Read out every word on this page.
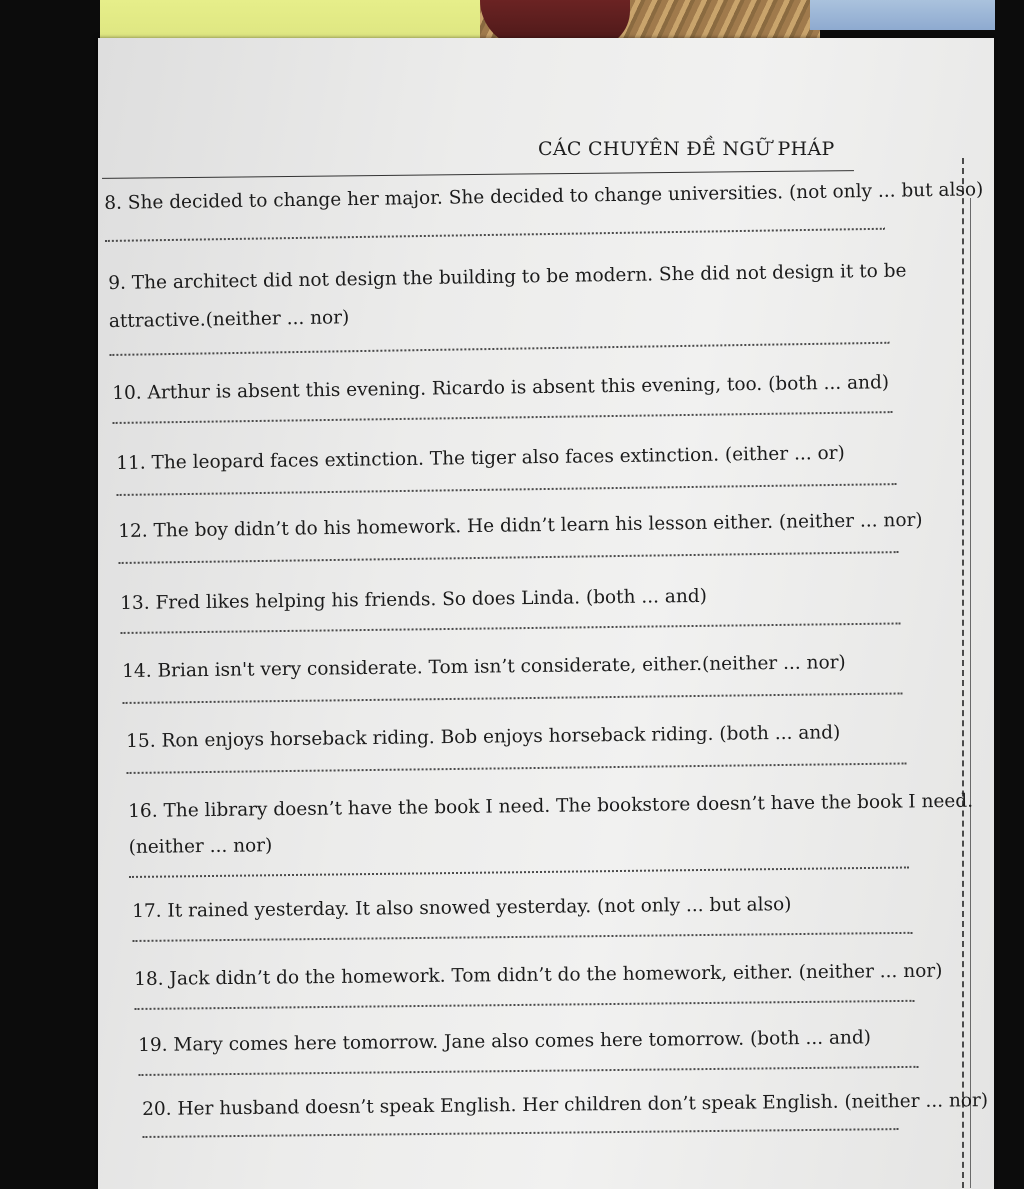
CÁC CHUYÊN ĐỀ NGỮ PHÁP
8. She decided to change her major. She decided to change universities. (not only ... but also)
9. The architect did not design the building to be modern. She did not design it to be
attractive.(neither ... nor)
10. Arthur is absent this evening. Ricardo is absent this evening, too. (both ... and)
11. The leopard faces extinction. The tiger also faces extinction. (either ... or)
12. The boy didn’t do his homework. He didn’t learn his lesson either. (neither ... nor)
13. Fred likes helping his friends. So does Linda. (both ... and)
14. Brian isn't very considerate. Tom isn’t considerate, either.(neither ... nor)
15. Ron enjoys horseback riding. Bob enjoys horseback riding. (both ... and)
16. The library doesn’t have the book I need. The bookstore doesn’t have the book I need.
(neither ... nor)
17. It rained yesterday. It also snowed yesterday. (not only ... but also)
18. Jack didn’t do the homework. Tom didn’t do the homework, either. (neither ... nor)
19. Mary comes here tomorrow. Jane also comes here tomorrow. (both ... and)
20. Her husband doesn’t speak English. Her children don’t speak English. (neither ... nor)
